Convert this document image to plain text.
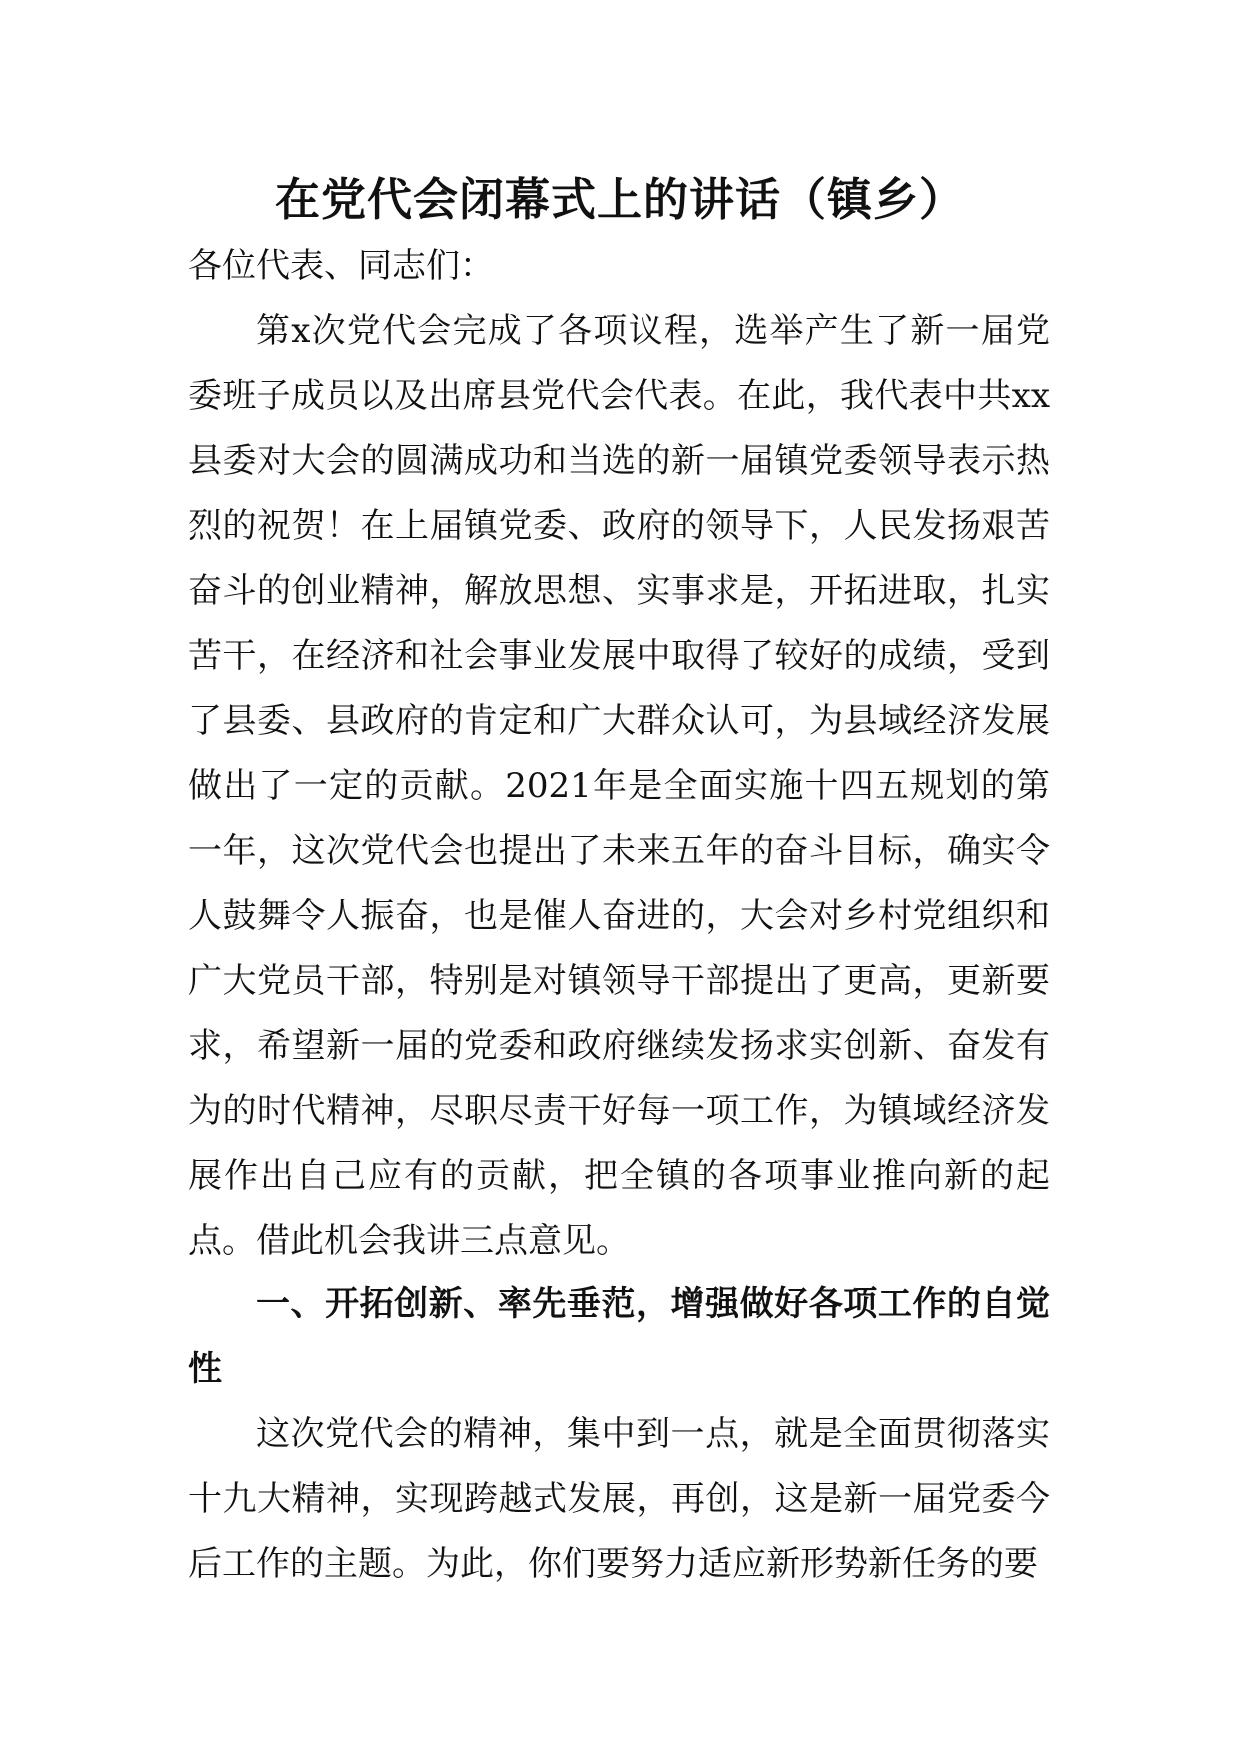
在党代会闭幕式上的讲话（镇乡）
各位代表、同志们：
第x次党代会完成了各项议程，选举产生了新一届党委班子成员以及出席县党代会代表。在此，我代表中共xx县委对大会的圆满成功和当选的新一届镇党委领导表示热烈的祝贺！在上届镇党委、政府的领导下，人民发扬艰苦奋斗的创业精神，解放思想、实事求是，开拓进取，扎实苦干，在经济和社会事业发展中取得了较好的成绩，受到了县委、县政府的肯定和广大群众认可，为县域经济发展做出了一定的贡献。2021年是全面实施十四五规划的第一年，这次党代会也提出了未来五年的奋斗目标，确实令人鼓舞令人振奋，也是催人奋进的，大会对乡村党组织和广大党员干部，特别是对镇领导干部提出了更高，更新要求，希望新一届的党委和政府继续发扬求实创新、奋发有为的时代精神，尽职尽责干好每一项工作，为镇域经济发展作出自己应有的贡献，把全镇的各项事业推向新的起点。借此机会我讲三点意见。
一、开拓创新、率先垂范，增强做好各项工作的自觉性
这次党代会的精神，集中到一点，就是全面贯彻落实十九大精神，实现跨越式发展，再创，这是新一届党委今后工作的主题。为此，你们要努力适应新形势新任务的要
